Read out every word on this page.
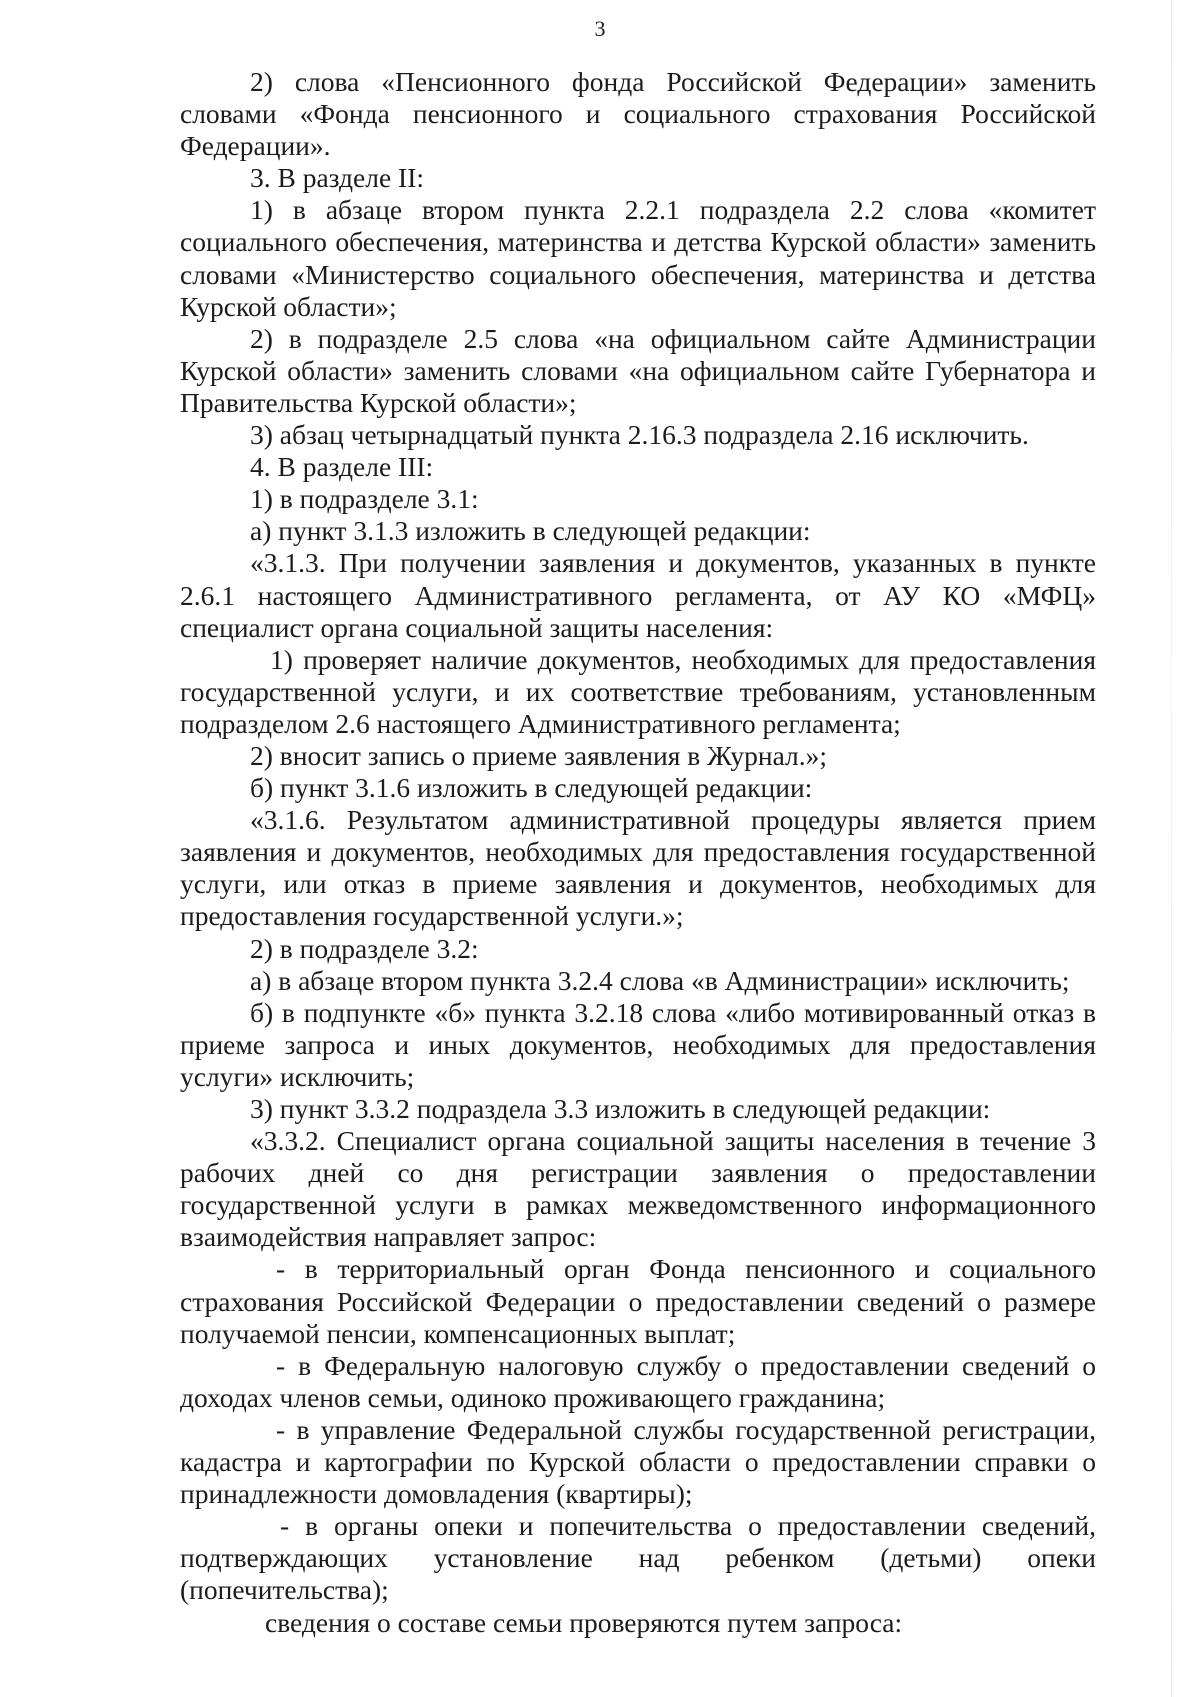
3

2) слова «Пенсионного фонда Российской Федерации» заменить словами «Фонда пенсионного и социального страхования Российской Федерации».

3. В разделе II:

1) в абзаце втором пункта 2.2.1 подраздела 2.2 слова «комитет социального обеспечения, материнства и детства Курской области» заменить словами «Министерство социального обеспечения, материнства и детства Курской области»;

2) в подразделе 2.5 слова «на официальном сайте Администрации Курской области» заменить словами «на официальном сайте Губернатора и Правительства Курской области»;

3) абзац четырнадцатый пункта 2.16.3 подраздела 2.16 исключить.

4. В разделе III:

1) в подразделе 3.1:

а) пункт 3.1.3 изложить в следующей редакции:

«3.1.3. При получении заявления и документов, указанных в пункте 2.6.1 настоящего Административного регламента, от АУ КО «МФЦ» специалист органа социальной защиты населения:

1) проверяет наличие документов, необходимых для предоставления государственной услуги, и их соответствие требованиям, установленным подразделом 2.6 настоящего Административного регламента;

2) вносит запись о приеме заявления в Журнал.»;

б) пункт 3.1.6 изложить в следующей редакции:

«3.1.6. Результатом административной процедуры является прием заявления и документов, необходимых для предоставления государственной услуги, или отказ в приеме заявления и документов, необходимых для предоставления государственной услуги.»;

2) в подразделе 3.2:

а) в абзаце втором пункта 3.2.4 слова «в Администрации» исключить;

б) в подпункте «б» пункта 3.2.18 слова «либо мотивированный отказ в приеме запроса и иных документов, необходимых для предоставления услуги» исключить;

3) пункт 3.3.2 подраздела 3.3 изложить в следующей редакции:

«3.3.2. Специалист органа социальной защиты населения в течение 3 рабочих дней со дня регистрации заявления о предоставлении государственной услуги в рамках межведомственного информационного взаимодействия направляет запрос:

- в территориальный орган Фонда пенсионного и социального страхования Российской Федерации о предоставлении сведений о размере получаемой пенсии, компенсационных выплат;

- в Федеральную налоговую службу о предоставлении сведений о доходах членов семьи, одиноко проживающего гражданина;

- в управление Федеральной службы государственной регистрации, кадастра и картографии по Курской области о предоставлении справки о принадлежности домовладения (квартиры);

- в органы опеки и попечительства о предоставлении сведений, подтверждающих установление над ребенком (детьми) опеки (попечительства);

сведения о составе семьи проверяются путем запроса:
